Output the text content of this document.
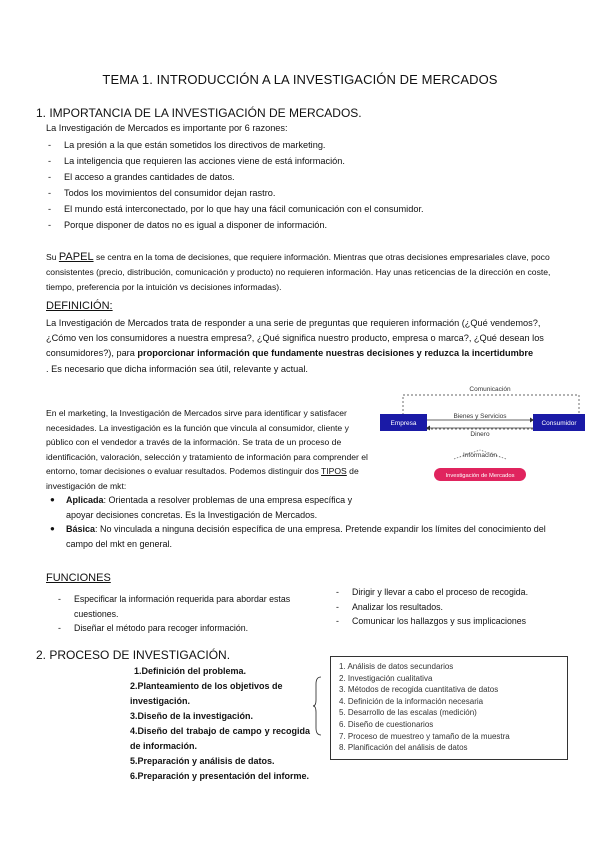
TEMA 1. INTRODUCCIÓN A LA INVESTIGACIÓN DE MERCADOS
1. IMPORTANCIA DE LA INVESTIGACIÓN DE MERCADOS.
La Investigación de Mercados es importante por 6 razones:
- La presión a la que están sometidos los directivos de marketing.
- La inteligencia que requieren las acciones viene de está información.
- El acceso a grandes cantidades de datos.
- Todos los movimientos del consumidor dejan rastro.
- El mundo está interconectado, por lo que hay una fácil comunicación con el consumidor.
- Porque disponer de datos no es igual a disponer de información.
Su PAPEL se centra en la toma de decisiones, que requiere información. Mientras que otras decisiones empresariales clave, poco consistentes (precio, distribución, comunicación y producto) no requieren información. Hay unas reticencias de la dirección en coste, tiempo, preferencia por la intuición vs decisiones informadas).
DEFINICIÓN:
La Investigación de Mercados trata de responder a una serie de preguntas que requieren información (¿Qué vendemos?, ¿Cómo ven los consumidores a nuestra empresa?, ¿Qué significa nuestro producto, empresa o marca?, ¿Qué desean los consumidores?), para proporcionar información que fundamente nuestras decisiones y reduzca la incertidumbre
. Es necesario que dicha información sea útil, relevante y actual.
En el marketing, la Investigación de Mercados sirve para identificar y satisfacer necesidades. La investigación es la función que vincula al consumidor, cliente y público con el vendedor a través de la información. Se trata de un proceso de identificación, valoración, selección y tratamiento de información para comprender el entorno, tomar decisiones o evaluar resultados. Podemos distinguir dos TIPOS de investigación de mkt:
● Aplicada: Orientada a resolver problemas de una empresa específica y apoyar decisiones concretas. Es la Investigación de Mercados.
● Básica: No vinculada a ninguna decisión específica de una empresa. Pretende expandir los límites del conocimiento del campo del mkt en general.
Comunicación
Empresa	Consumidor
Bienes y Servicios
Dinero
Información
Investigación de Mercados
FUNCIONES
- Especificar la información requerida para abordar estas cuestiones.
- Diseñar el método para recoger información.
- Dirigir y llevar a cabo el proceso de recogida.
- Analizar los resultados.
- Comunicar los hallazgos y sus implicaciones
2. PROCESO DE INVESTIGACIÓN.
1.Definición del problema.
2.Planteamiento de los objetivos de investigación.
3.Diseño de la investigación.
4.Diseño del trabajo de campo y recogida de información.
5.Preparación y análisis de datos.
6.Preparación y presentación del informe.
1. Análisis de datos secundarios
2. Investigación cualitativa
3. Métodos de recogida cuantitativa de datos
4. Definición de la información necesaria
5. Desarrollo de las escalas (medición)
6. Diseño de cuestionarios
7. Proceso de muestreo y tamaño de la muestra
8. Planificación del análisis de datos
